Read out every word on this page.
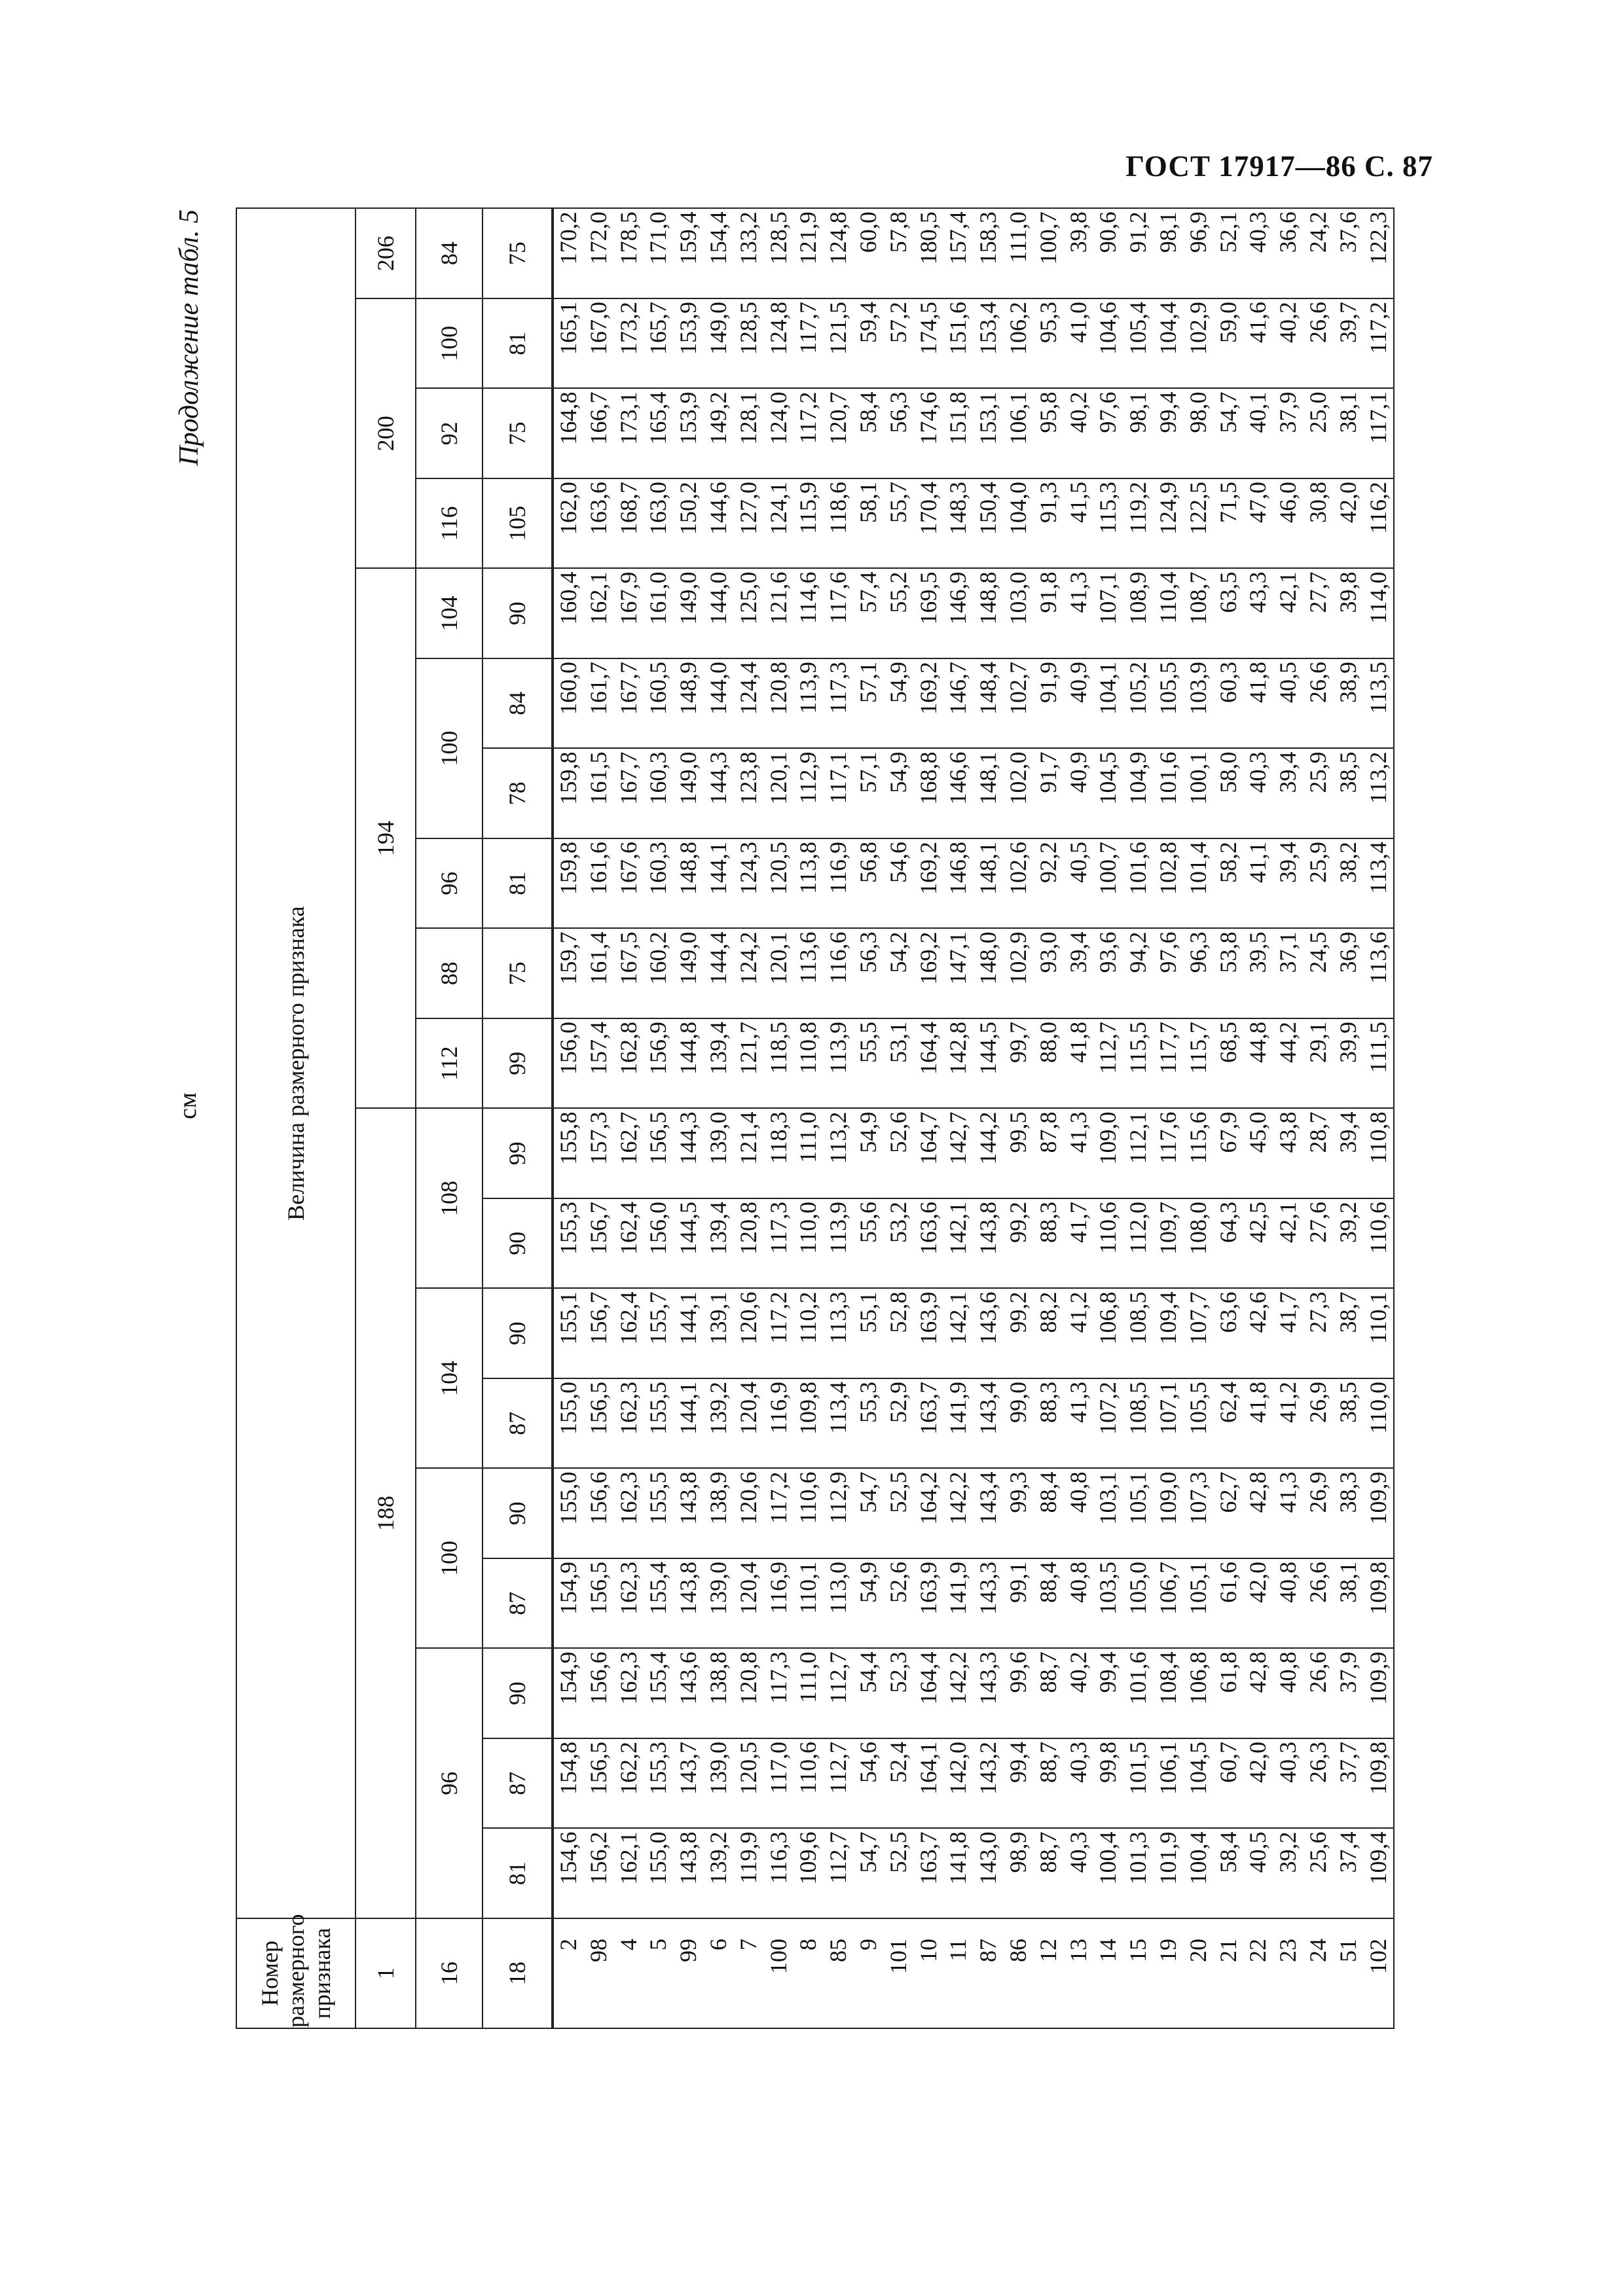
ГОСТ 17917—86 С. 87
Продолжение табл. 5
см
Номер размерного признака	Величина размерного признака																		
1	188									194						200			206
16	96			100		104		108		112	88	96	100		104	116	92	100	84
18	81	87	90	87	90	87	90	90	99	99	75	81	78	84	90	105	75	81	75
2	154,6	154,8	154,9	154,9	155,0	155,0	155,1	155,3	155,8	156,0	159,7	159,8	159,8	160,0	160,4	162,0	164,8	165,1	170,2
98	156,2	156,5	156,6	156,5	156,6	156,5	156,7	156,7	157,3	157,4	161,4	161,6	161,5	161,7	162,1	163,6	166,7	167,0	172,0
4	162,1	162,2	162,3	162,3	162,3	162,3	162,4	162,4	162,7	162,8	167,5	167,6	167,7	167,7	167,9	168,7	173,1	173,2	178,5
5	155,0	155,3	155,4	155,4	155,5	155,5	155,7	156,0	156,5	156,9	160,2	160,3	160,3	160,5	161,0	163,0	165,4	165,7	171,0
99	143,8	143,7	143,6	143,8	143,8	144,1	144,1	144,5	144,3	144,8	149,0	148,8	149,0	148,9	149,0	150,2	153,9	153,9	159,4
6	139,2	139,0	138,8	139,0	138,9	139,2	139,1	139,4	139,0	139,4	144,4	144,1	144,3	144,0	144,0	144,6	149,2	149,0	154,4
7	119,9	120,5	120,8	120,4	120,6	120,4	120,6	120,8	121,4	121,7	124,2	124,3	123,8	124,4	125,0	127,0	128,1	128,5	133,2
100	116,3	117,0	117,3	116,9	117,2	116,9	117,2	117,3	118,3	118,5	120,1	120,5	120,1	120,8	121,6	124,1	124,0	124,8	128,5
8	109,6	110,6	111,0	110,1	110,6	109,8	110,2	110,0	111,0	110,8	113,6	113,8	112,9	113,9	114,6	115,9	117,2	117,7	121,9
85	112,7	112,7	112,7	113,0	112,9	113,4	113,3	113,9	113,2	113,9	116,6	116,9	117,1	117,3	117,6	118,6	120,7	121,5	124,8
9	54,7	54,6	54,4	54,9	54,7	55,3	55,1	55,6	54,9	55,5	56,3	56,8	57,1	57,1	57,4	58,1	58,4	59,4	60,0
101	52,5	52,4	52,3	52,6	52,5	52,9	52,8	53,2	52,6	53,1	54,2	54,6	54,9	54,9	55,2	55,7	56,3	57,2	57,8
10	163,7	164,1	164,4	163,9	164,2	163,7	163,9	163,6	164,7	164,4	169,2	169,2	168,8	169,2	169,5	170,4	174,6	174,5	180,5
11	141,8	142,0	142,2	141,9	142,2	141,9	142,1	142,1	142,7	142,8	147,1	146,8	146,6	146,7	146,9	148,3	151,8	151,6	157,4
87	143,0	143,2	143,3	143,3	143,4	143,4	143,6	143,8	144,2	144,5	148,0	148,1	148,1	148,4	148,8	150,4	153,1	153,4	158,3
86	98,9	99,4	99,6	99,1	99,3	99,0	99,2	99,2	99,5	99,7	102,9	102,6	102,0	102,7	103,0	104,0	106,1	106,2	111,0
12	88,7	88,7	88,7	88,4	88,4	88,3	88,2	88,3	87,8	88,0	93,0	92,2	91,7	91,9	91,8	91,3	95,8	95,3	100,7
13	40,3	40,3	40,2	40,8	40,8	41,3	41,2	41,7	41,3	41,8	39,4	40,5	40,9	40,9	41,3	41,5	40,2	41,0	39,8
14	100,4	99,8	99,4	103,5	103,1	107,2	106,8	110,6	109,0	112,7	93,6	100,7	104,5	104,1	107,1	115,3	97,6	104,6	90,6
15	101,3	101,5	101,6	105,0	105,1	108,5	108,5	112,0	112,1	115,5	94,2	101,6	104,9	105,2	108,9	119,2	98,1	105,4	91,2
19	101,9	106,1	108,4	106,7	109,0	107,1	109,4	109,7	117,6	117,7	97,6	102,8	101,6	105,5	110,4	124,9	99,4	104,4	98,1
20	100,4	104,5	106,8	105,1	107,3	105,5	107,7	108,0	115,6	115,7	96,3	101,4	100,1	103,9	108,7	122,5	98,0	102,9	96,9
21	58,4	60,7	61,8	61,6	62,7	62,4	63,6	64,3	67,9	68,5	53,8	58,2	58,0	60,3	63,5	71,5	54,7	59,0	52,1
22	40,5	42,0	42,8	42,0	42,8	41,8	42,6	42,5	45,0	44,8	39,5	41,1	40,3	41,8	43,3	47,0	40,1	41,6	40,3
23	39,2	40,3	40,8	40,8	41,3	41,2	41,7	42,1	43,8	44,2	37,1	39,4	39,4	40,5	42,1	46,0	37,9	40,2	36,6
24	25,6	26,3	26,6	26,6	26,9	26,9	27,3	27,6	28,7	29,1	24,5	25,9	25,9	26,6	27,7	30,8	25,0	26,6	24,2
51	37,4	37,7	37,9	38,1	38,3	38,5	38,7	39,2	39,4	39,9	36,9	38,2	38,5	38,9	39,8	42,0	38,1	39,7	37,6
102	109,4	109,8	109,9	109,8	109,9	110,0	110,1	110,6	110,8	111,5	113,6	113,4	113,2	113,5	114,0	116,2	117,1	117,2	122,3
